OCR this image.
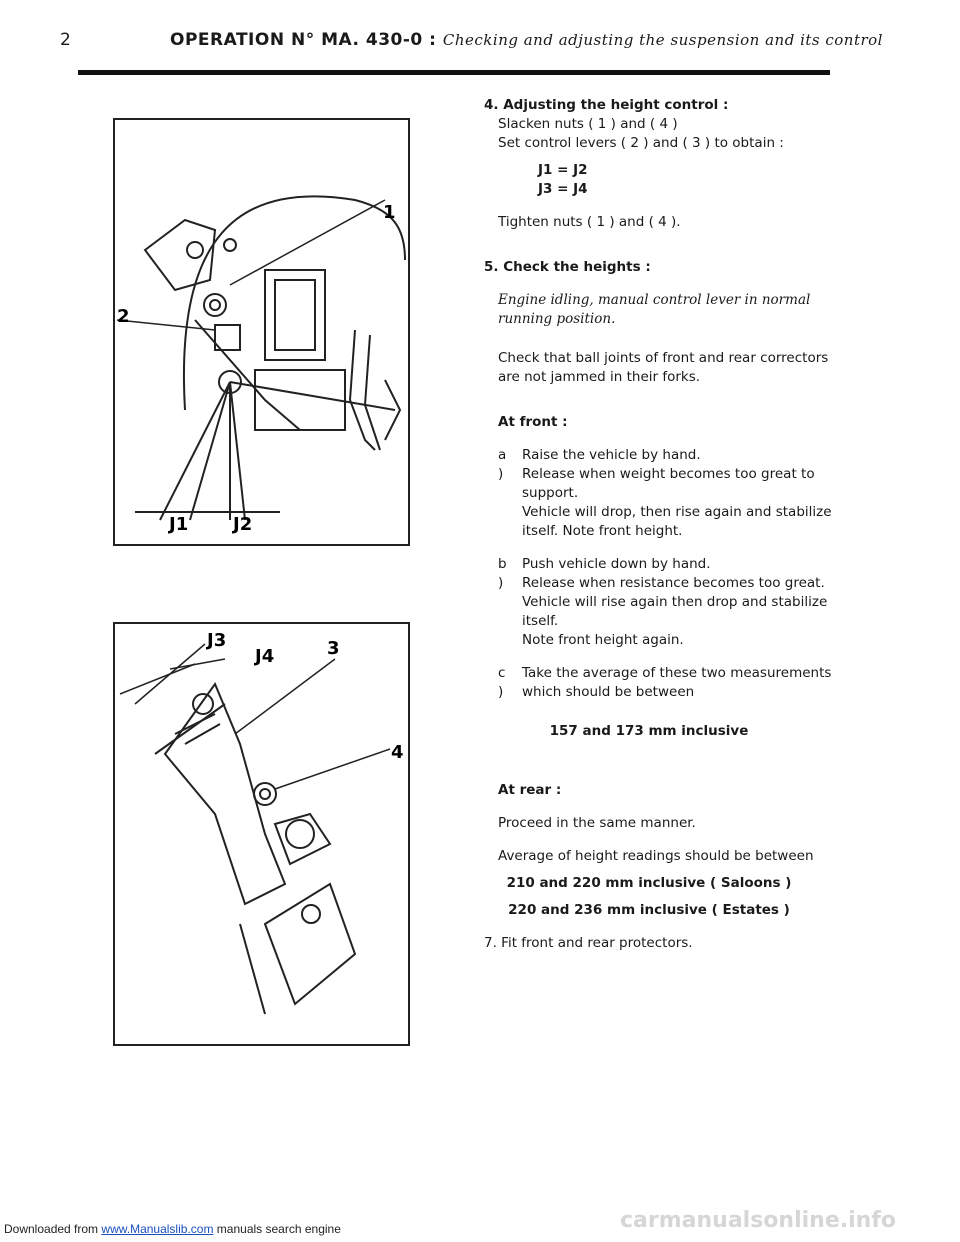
2	OPERATION N° MA. 430-0 : Checking and adjusting the suspension and its control
1
2
J1 J2
J3
J4	3
4

4. Adjusting the height control :

Slacken nuts ( 1 ) and ( 4 )

Set control levers ( 2 ) and ( 3 ) to obtain :

J1 = J2

J3 = J4

Tighten nuts ( 1 ) and ( 4 ).

5. Check the heights :

Engine idling, manual control lever in normal running position.

Check that ball joints of front and rear correctors are not jammed in their forks.

At front :

a )

Raise the vehicle by hand.

Release when weight becomes too great to support.

Vehicle will drop, then rise again and stabilize itself. Note front height.

b )

Push vehicle down by hand.

Release when resistance becomes too great. Vehicle will rise again then drop and stabilize itself.

Note front height again.

c )

Take the average of these two measurements which should be between

157 and 173 mm inclusive

At rear :

Proceed in the same manner.

Average of height readings should be between

210 and 220 mm inclusive ( Saloons )

220 and 236 mm inclusive ( Estates )

7. Fit front and rear protectors.

carmanualsonline.info
Downloaded from www.Manualslib.com manuals search engine
